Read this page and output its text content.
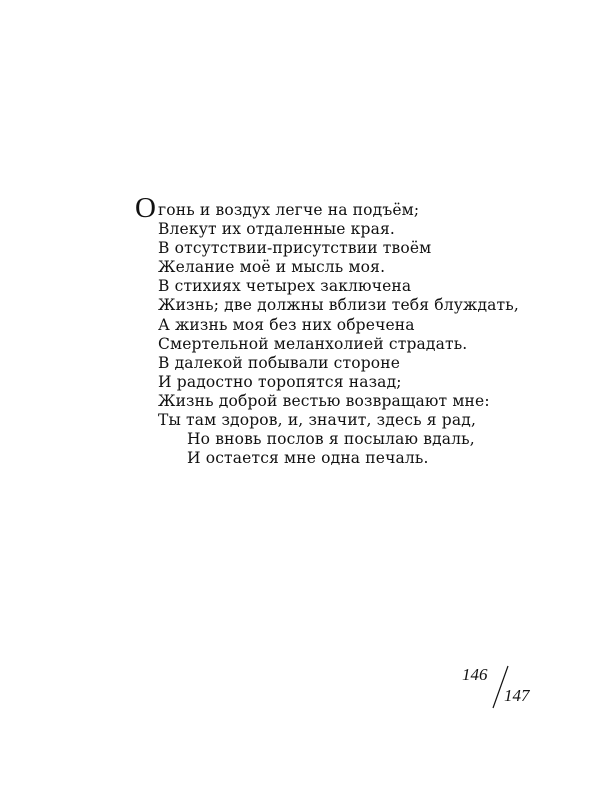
О гонь и воздух легче на подъём;
Влекут их отдаленные края.
В отсутствии-присутствии твоём
Желание моё и мысль моя.
В стихиях четырех заключена
Жизнь; две должны вблизи тебя блуждать,
А жизнь моя без них обречена
Смертельной меланхолией страдать.
В далекой побывали стороне
И радостно торопятся назад;
Жизнь доброй вестью возвращают мне:
Ты там здоров, и, значит, здесь я рад,
Но вновь послов я посылаю вдаль,
И остается мне одна печаль.
146
147
